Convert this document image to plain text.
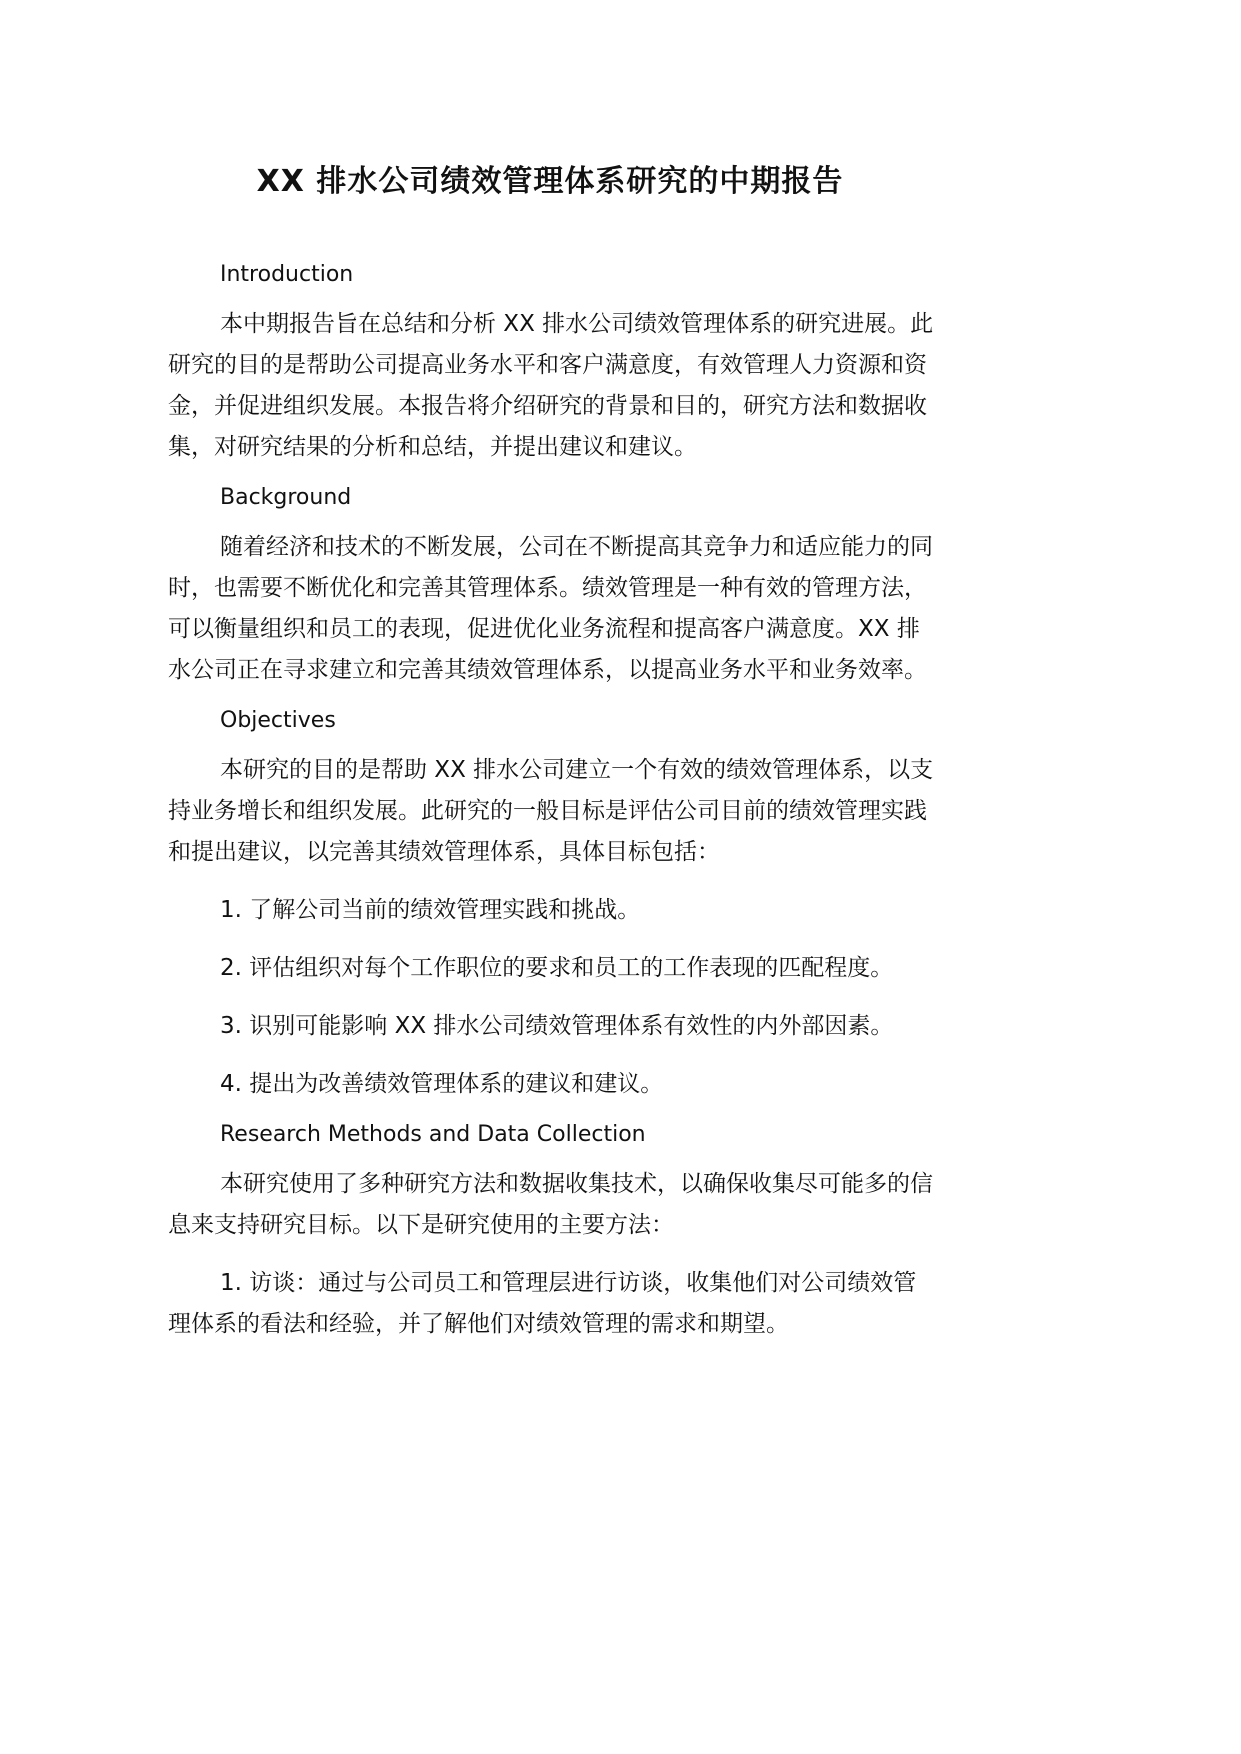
XX 排水公司绩效管理体系研究的中期报告

Introduction

本中期报告旨在总结和分析 XX 排水公司绩效管理体系的研究进展。此研究的目的是帮助公司提高业务水平和客户满意度，有效管理人力资源和资金，并促进组织发展。本报告将介绍研究的背景和目的，研究方法和数据收集，对研究结果的分析和总结，并提出建议和建议。

Background

随着经济和技术的不断发展，公司在不断提高其竞争力和适应能力的同时，也需要不断优化和完善其管理体系。绩效管理是一种有效的管理方法，可以衡量组织和员工的表现，促进优化业务流程和提高客户满意度。XX 排水公司正在寻求建立和完善其绩效管理体系，以提高业务水平和业务效率。

Objectives

本研究的目的是帮助 XX 排水公司建立一个有效的绩效管理体系，以支持业务增长和组织发展。此研究的一般目标是评估公司目前的绩效管理实践和提出建议，以完善其绩效管理体系，具体目标包括：

1. 了解公司当前的绩效管理实践和挑战。

2. 评估组织对每个工作职位的要求和员工的工作表现的匹配程度。

3. 识别可能影响 XX 排水公司绩效管理体系有效性的内外部因素。

4. 提出为改善绩效管理体系的建议和建议。

Research Methods and Data Collection

本研究使用了多种研究方法和数据收集技术，以确保收集尽可能多的信息来支持研究目标。以下是研究使用的主要方法：

1. 访谈：通过与公司员工和管理层进行访谈，收集他们对公司绩效管理体系的看法和经验，并了解他们对绩效管理的需求和期望。
